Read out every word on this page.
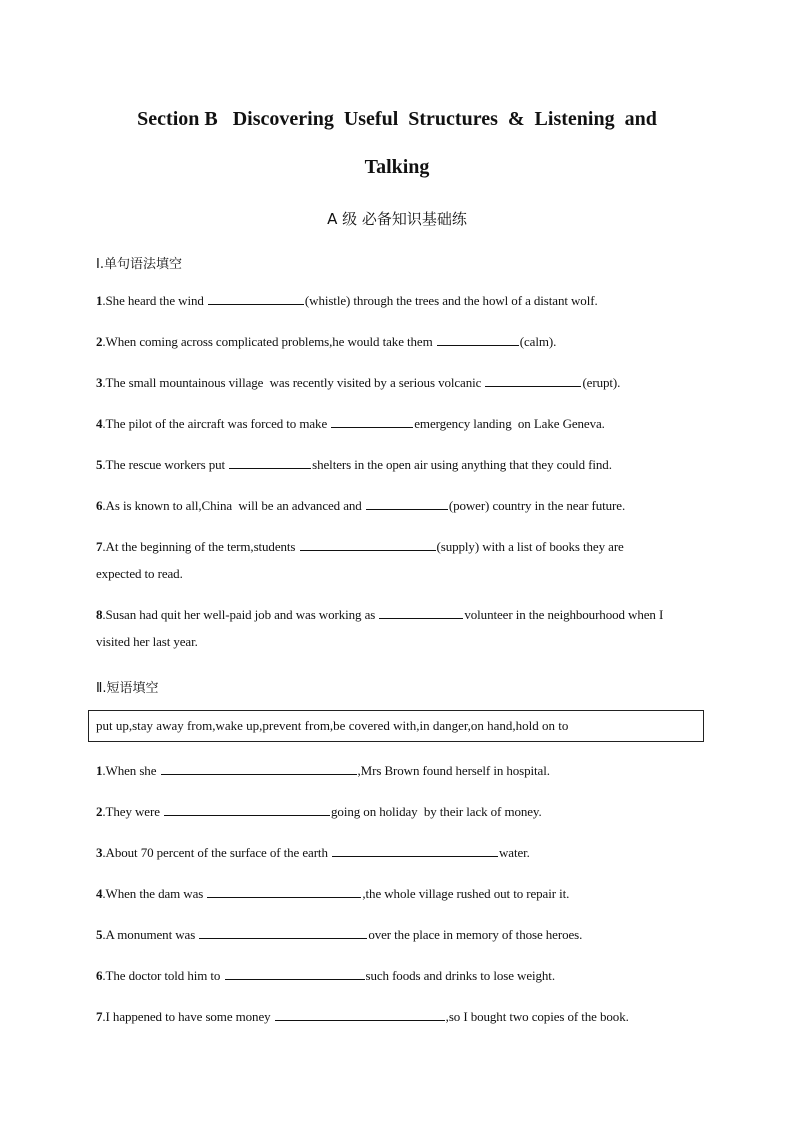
Section B   Discovering  Useful  Structures  &  Listening  and
Talking
A 级 必备知识基础练
Ⅰ.单句语法填空
1.She heard the wind	(whistle) through the trees and the howl of a distant wolf.
2.When coming across complicated problems,he would take them	(calm).
3.The small mountainous village  was recently visited by a serious volcanic	(erupt).
4.The pilot of the aircraft was forced to make	emergency landing  on Lake Geneva.
5.The rescue workers put	shelters in the open air using anything that they could find.
6.As is known to all,China  will be an advanced and	(power) country in the near future.
7.At the beginning of the term,students	(supply) with a list of books they are expected to read.
8.Susan had quit her well-paid job and was working as	volunteer in the neighbourhood when I visited her last year.
Ⅱ.短语填空
put up,stay away from,wake up,prevent from,be covered with,in danger,on hand,hold on to
1.When she	,Mrs Brown found herself in hospital.
2.They were	going on holiday  by their lack of money.
3.About 70 percent of the surface of the earth	water.
4.When the dam was	,the whole village rushed out to repair it.
5.A monument was	over the place in memory of those heroes.
6.The doctor told him to	such foods and drinks to lose weight.
7.I happened to have some money	,so I bought two copies of the book.
